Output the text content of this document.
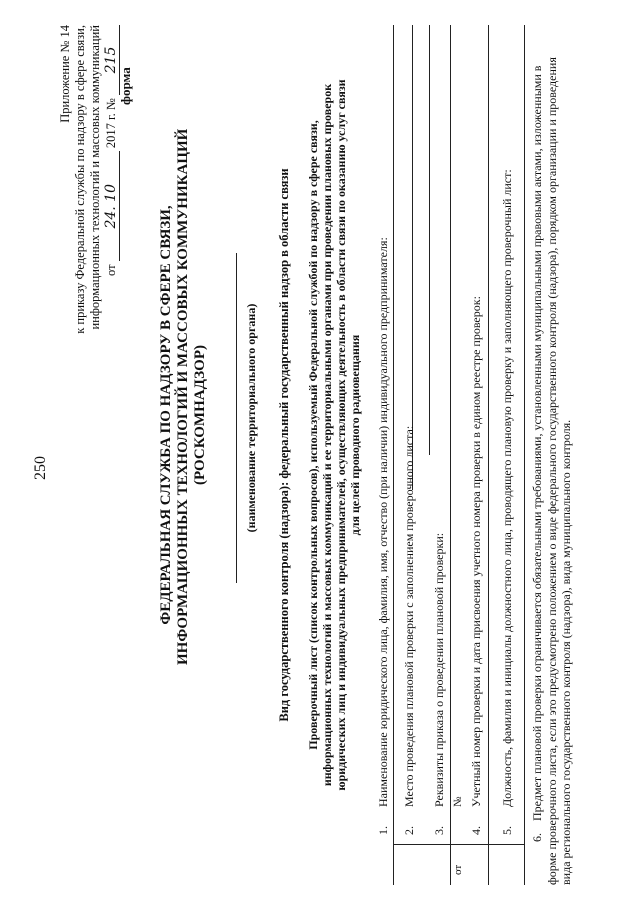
250
Приложение № 14 к приказу Федеральной службы по надзору в сфере связи, информационных технологий и массовых коммуникаций от 24. 10 2017 г. № 215
форма
ФЕДЕРАЛЬНАЯ СЛУЖБА ПО НАДЗОРУ В СФЕРЕ СВЯЗИ, ИНФОРМАЦИОННЫХ ТЕХНОЛОГИЙ И МАССОВЫХ КОММУНИКАЦИЙ (РОСКОМНАДЗОР)	(наименование территориального органа) Вид государственного контроля (надзора): федеральный государственный надзор в области связи Проверочный лист (список контрольных вопросов), используемый Федеральной службой по надзору в сфере связи, информационных технологий и массовых коммуникаций и ее территориальными органами при проведении плановых проверок юридических лиц и индивидуальных предпринимателей, осуществляющих деятельность в области связи по оказанию услуг связи для целей проводного радиовещания
1.
Наименование юридического лица, фамилия, имя, отчество (при наличии) индивидуального предпринимателя:
2.
Место проведения плановой проверки с заполнением проверочного листа:
3.
Реквизиты приказа о проведении плановой проверки:
от
№
4.
Учетный номер проверки и дата присвоения учетного номера проверки в едином реестре проверок:
5.
Должность, фамилия и инициалы должностного лица, проводящего плановую проверку и заполняющего проверочный лист:
6.Предмет плановой проверки ограничивается обязательными требованиями, установленными муниципальными правовыми актами, изложенными в форме проверочного листа, если это предусмотрено положением о виде федерального государственного контроля (надзора), порядком организации и проведения вида регионального государственного контроля (надзора), вида муниципального контроля.
